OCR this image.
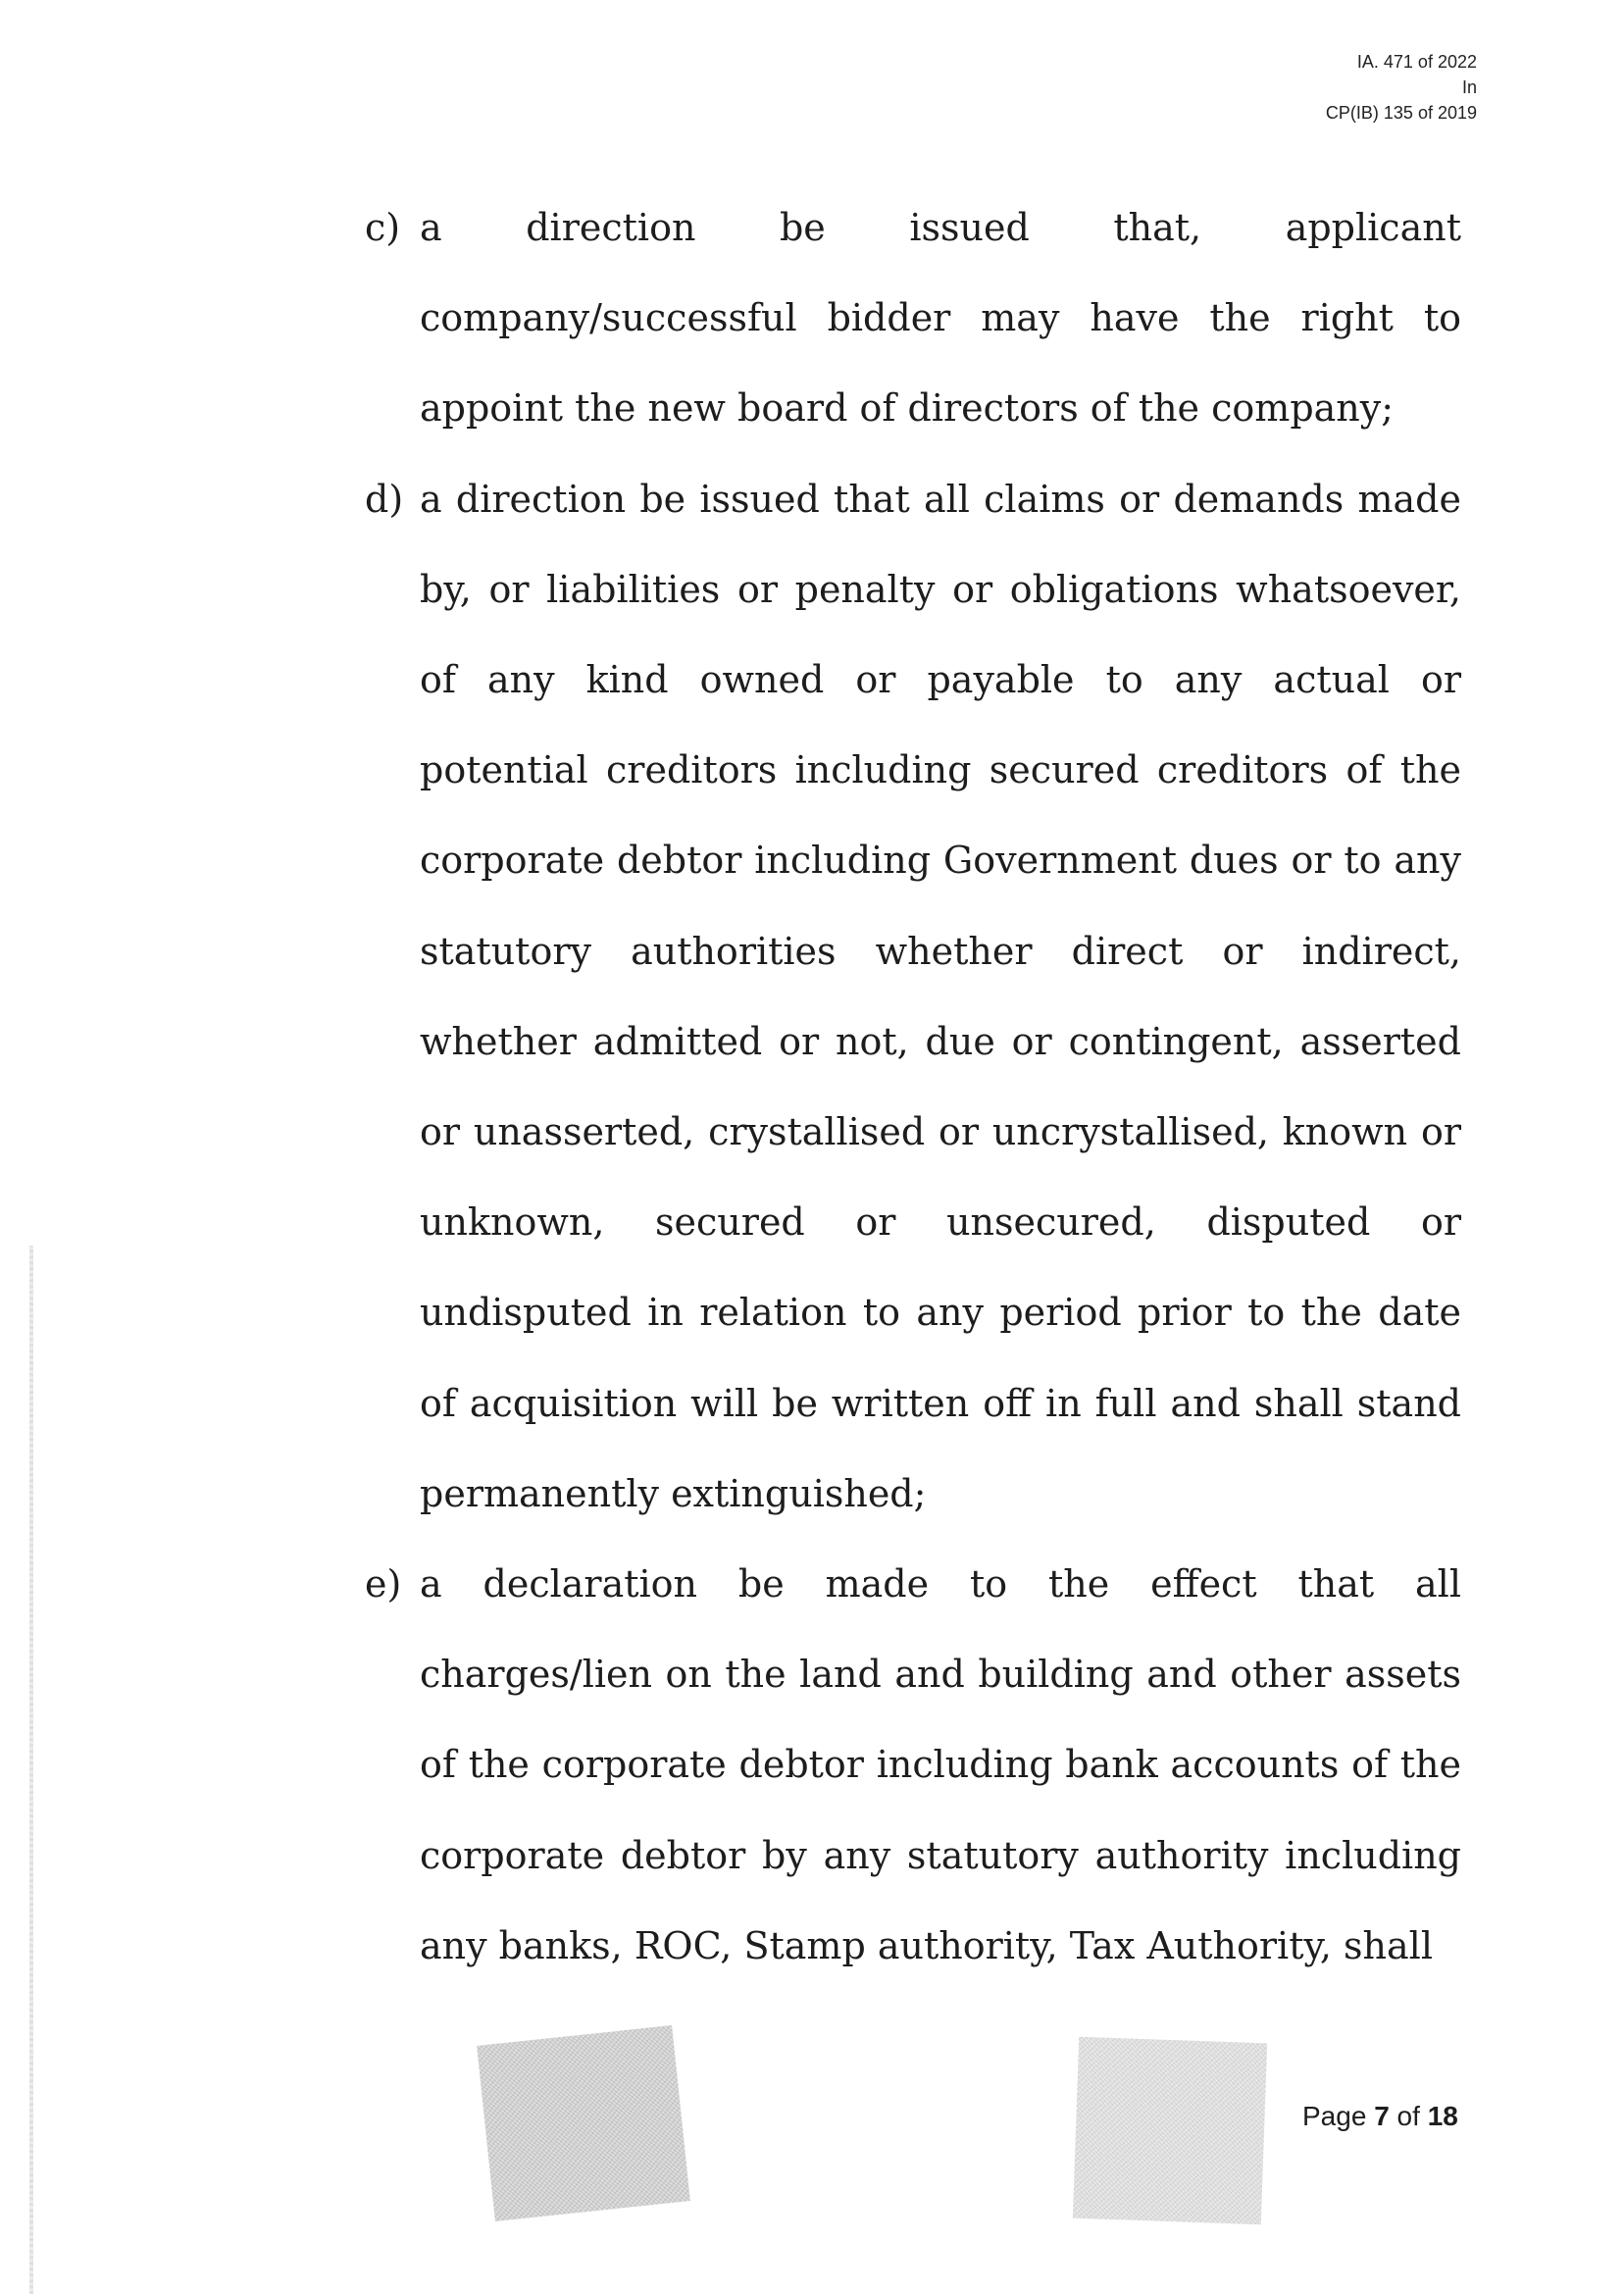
IA. 471 of 2022
In
CP(IB) 135 of 2019
c) a direction be issued that, applicant company/successful bidder may have the right to appoint the new board of directors of the company;
d) a direction be issued that all claims or demands made by, or liabilities or penalty or obligations whatsoever, of any kind owned or payable to any actual or potential creditors including secured creditors of the corporate debtor including Government dues or to any statutory authorities whether direct or indirect, whether admitted or not, due or contingent, asserted or unasserted, crystallised or uncrystallised, known or unknown, secured or unsecured, disputed or undisputed in relation to any period prior to the date of acquisition will be written off in full and shall stand permanently extinguished;
e) a declaration be made to the effect that all charges/lien on the land and building and other assets of the corporate debtor including bank accounts of the corporate debtor by any statutory authority including any banks, ROC, Stamp authority, Tax Authority, shall
Page 7 of 18
